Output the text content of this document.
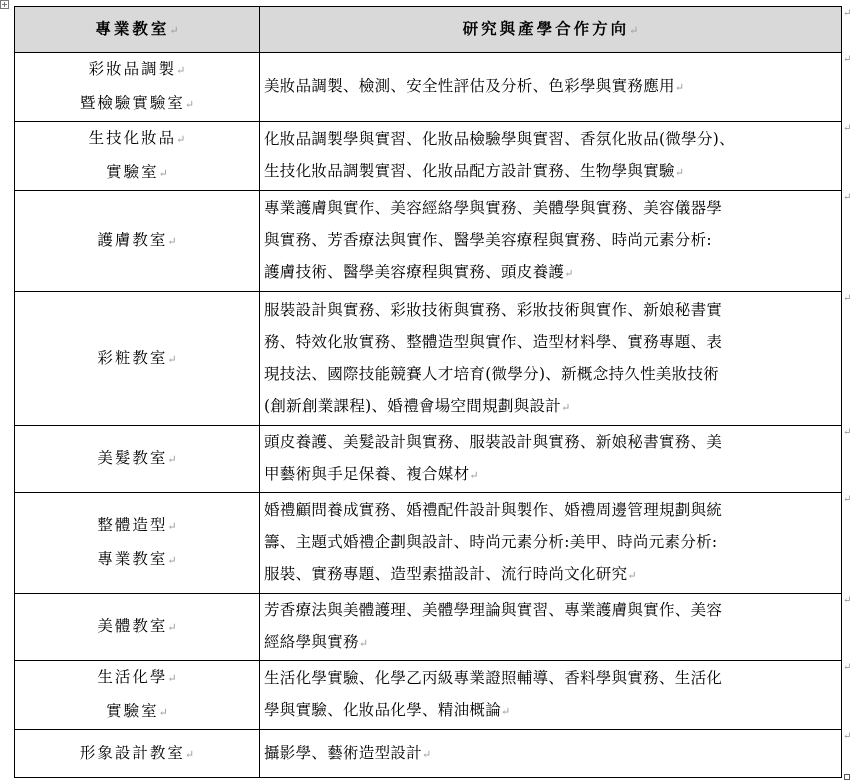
專業教室↵	研究與產學合作方向↵

彩妝品調製↵
暨檢驗實驗室↵	美妝品調製、檢測、安全性評估及分析、色彩學與實務應用↵

生技化妝品↵
實驗室↵	化妝品調製學與實習、化妝品檢驗學與實習、香氛化妝品(微學分)、
生技化妝品調製實習、化妝品配方設計實務、生物學與實驗↵

護膚教室↵	專業護膚與實作、美容經絡學與實務、美體學與實務、美容儀器學
與實務、芳香療法與實作、醫學美容療程與實務、時尚元素分析:
護膚技術、醫學美容療程與實務、頭皮養護↵

彩粧教室↵	服裝設計與實務、彩妝技術與實務、彩妝技術與實作、新娘秘書實
務、特效化妝實務、整體造型與實作、造型材料學、實務專題、表
現技法、國際技能競賽人才培育(微學分)、新概念持久性美妝技術
(創新創業課程)、婚禮會場空間規劃與設計↵

美髮教室↵	頭皮養護、美髮設計與實務、服裝設計與實務、新娘秘書實務、美
甲藝術與手足保養、複合媒材↵

整體造型↵
專業教室↵	婚禮顧問養成實務、婚禮配件設計與製作、婚禮周邊管理規劃與統
籌、主題式婚禮企劃與設計、時尚元素分析:美甲、時尚元素分析:
服裝、實務專題、造型素描設計、流行時尚文化研究↵

美體教室↵	芳香療法與美體護理、美體學理論與實習、專業護膚與實作、美容
經絡學與實務↵

生活化學↵
實驗室↵	生活化學實驗、化學乙丙級專業證照輔導、香料學與實務、生活化
學與實驗、化妝品化學、精油概論↵

形象設計教室↵	攝影學、藝術造型設計↵
↵
↵
↵
↵
↵
↵
↵
↵
↵
↵
